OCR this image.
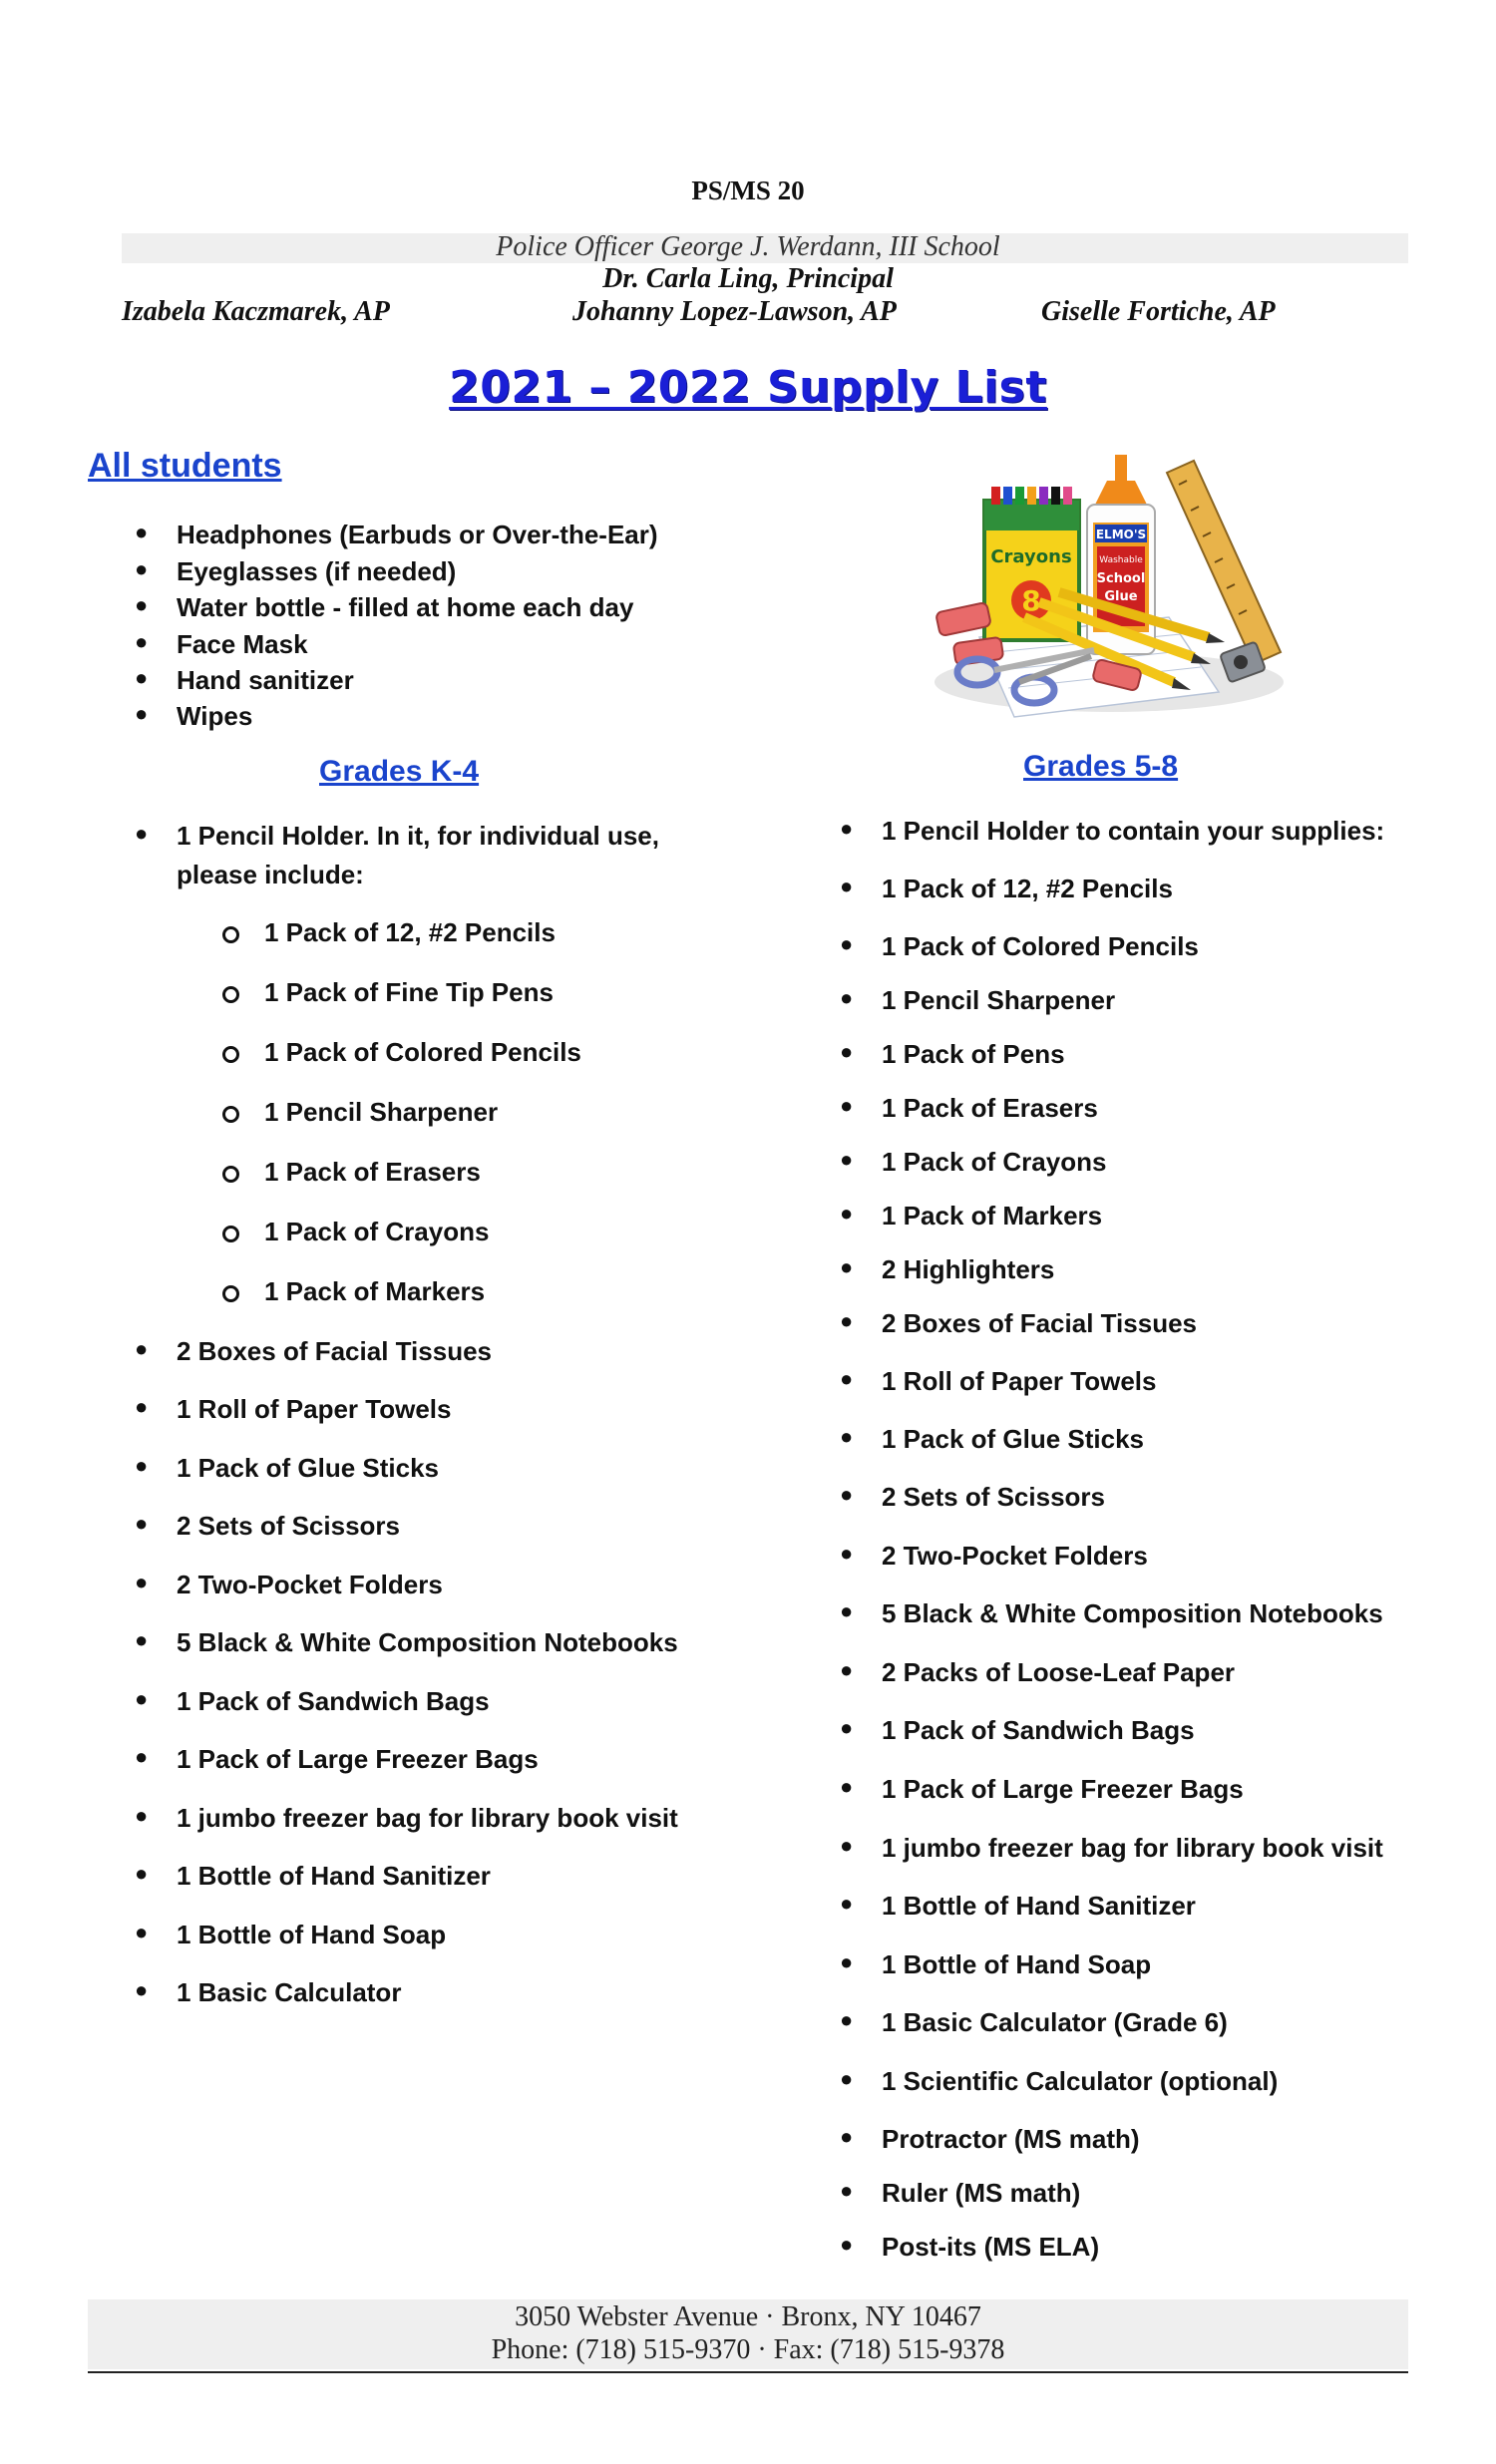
PS/MS 20
Police Officer George J. Werdann, III School
Dr. Carla Ling, Principal
Izabela Kaczmarek, AP	Johanny Lopez-Lawson, AP	Giselle Fortiche, AP
2021 – 2022 Supply List
All students
● Headphones (Earbuds or Over-the-Ear)
● Eyeglasses (if needed)
● Water bottle - filled at home each day
● Face Mask
● Hand sanitizer
● Wipes
Crayons
8
ELMO'S
Washable
School
Glue
Grades K-4
● 1 Pencil Holder. In it, for individual use,
please include:
1 Pack of 12, #2 Pencils
1 Pack of Fine Tip Pens
1 Pack of Colored Pencils
1 Pencil Sharpener
1 Pack of Erasers
1 Pack of Crayons
1 Pack of Markers
● 2 Boxes of Facial Tissues
● 1 Roll of Paper Towels
● 1 Pack of Glue Sticks
● 2 Sets of Scissors
● 2 Two-Pocket Folders
● 5 Black & White Composition Notebooks
● 1 Pack of Sandwich Bags
● 1 Pack of Large Freezer Bags
● 1 jumbo freezer bag for library book visit
● 1 Bottle of Hand Sanitizer
● 1 Bottle of Hand Soap
● 1 Basic Calculator
Grades 5-8
● 1 Pencil Holder to contain your supplies:
● 1 Pack of 12, #2 Pencils
● 1 Pack of Colored Pencils
● 1 Pencil Sharpener
● 1 Pack of Pens
● 1 Pack of Erasers
● 1 Pack of Crayons
● 1 Pack of Markers
● 2 Highlighters
● 2 Boxes of Facial Tissues
● 1 Roll of Paper Towels
● 1 Pack of Glue Sticks
● 2 Sets of Scissors
● 2 Two-Pocket Folders
● 5 Black & White Composition Notebooks
● 2 Packs of Loose-Leaf Paper
● 1 Pack of Sandwich Bags
● 1 Pack of Large Freezer Bags
● 1 jumbo freezer bag for library book visit
● 1 Bottle of Hand Sanitizer
● 1 Bottle of Hand Soap
● 1 Basic Calculator (Grade 6)
● 1 Scientific Calculator (optional)
● Protractor (MS math)
● Ruler (MS math)
● Post-its (MS ELA)
3050 Webster Avenue · Bronx, NY 10467
Phone: (718) 515-9370 · Fax: (718) 515-9378
